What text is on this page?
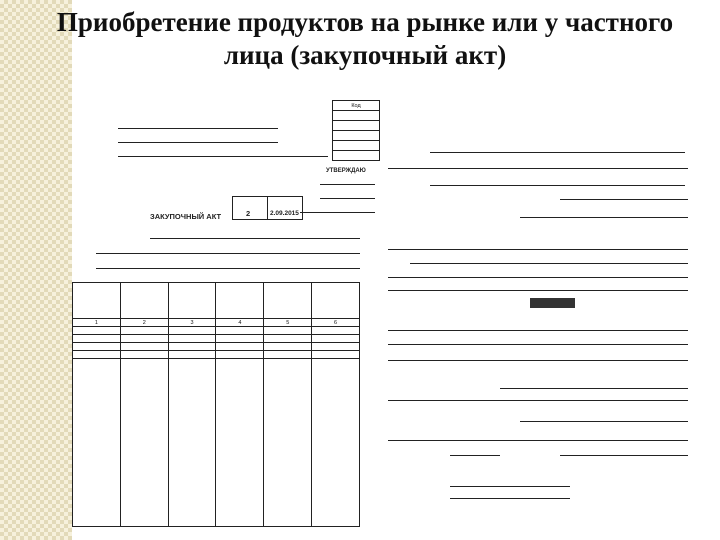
Приобретение продуктов на рынке или у частного
лица (закупочный акт)
Код

УТВЕРЖДАЮ
2	2.09.2015
ЗАКУПОЧНЫЙ АКТ

1	2	3	4	5	6
